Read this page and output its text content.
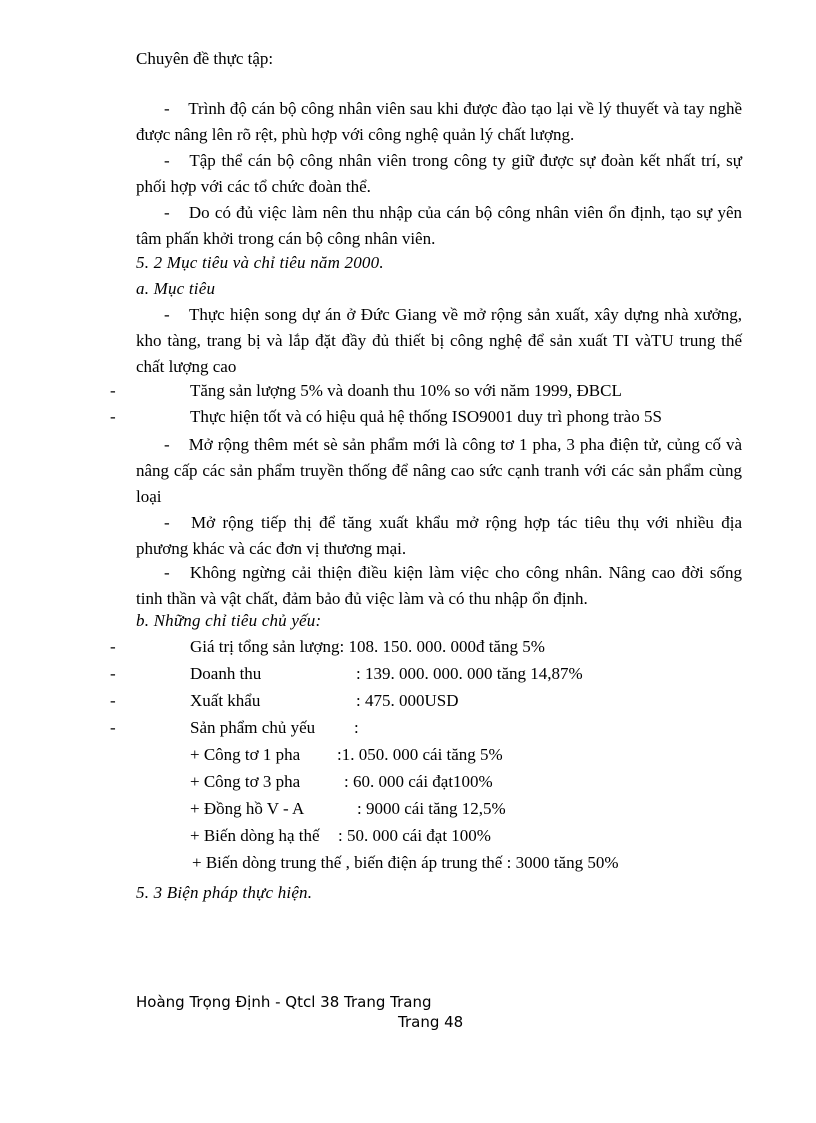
Chuyên đề thực tập:
- Trình độ cán bộ công nhân viên sau khi được đào tạo lại về lý thuyết và tay nghề được nâng lên rõ rệt, phù hợp với công nghệ quản lý chất lượng.
- Tập thể cán bộ công nhân viên trong công ty giữ được sự đoàn kết nhất trí, sự phối hợp với các tổ chức đoàn thể.
- Do có đủ việc làm nên thu nhập của cán bộ công nhân viên ổn định, tạo sự yên tâm phấn khởi trong cán bộ công nhân viên.
5. 2 Mục tiêu và chỉ tiêu năm 2000.
a. Mục tiêu
- Thực hiện song dự án ở Đức Giang về mở rộng sản xuất, xây dựng nhà xưởng, kho tàng, trang bị và lắp đặt đầy đủ thiết bị công nghệ để sản xuất TI vàTU trung thế chất lượng cao
-	Tăng sản lượng 5% và doanh thu 10% so với năm 1999, ĐBCL
-	Thực hiện tốt và có hiệu quả hệ thống ISO9001 duy trì phong trào 5S
- Mở rộng thêm mét sè sản phẩm mới là công tơ 1 pha, 3 pha điện tử, củng cố và nâng cấp các sản phẩm truyền thống để nâng cao sức cạnh tranh với các sản phẩm cùng loại
- Mở rộng tiếp thị để tăng xuất khẩu mở rộng hợp tác tiêu thụ với nhiều địa phương khác và các đơn vị thương mại.
- Không ngừng cải thiện điều kiện làm việc cho công nhân. Nâng cao đời sống tinh thần và vật chất, đảm bảo đủ việc làm và có thu nhập ổn định.
b. Những chỉ tiêu chủ yếu:
-	Giá trị tổng sản lượng: 108. 150. 000. 000đ tăng 5%
-	Doanh thu	: 139. 000. 000. 000 tăng 14,87%
-	Xuất khẩu	: 475. 000USD
-	Sản phẩm chủ yếu :
+ Công tơ 1 pha :1. 050. 000 cái tăng 5%
+ Công tơ 3 pha	: 60. 000 cái đạt100%
+ Đồng hồ V - A	: 9000 cái tăng 12,5%
+ Biến dòng hạ thế : 50. 000 cái đạt 100%
+ Biến dòng trung thế , biến điện áp trung thế : 3000 tăng 50%
5. 3 Biện pháp thực hiện.
Hoàng Trọng Định - Qtcl 38 Trang Trang
Trang 48
